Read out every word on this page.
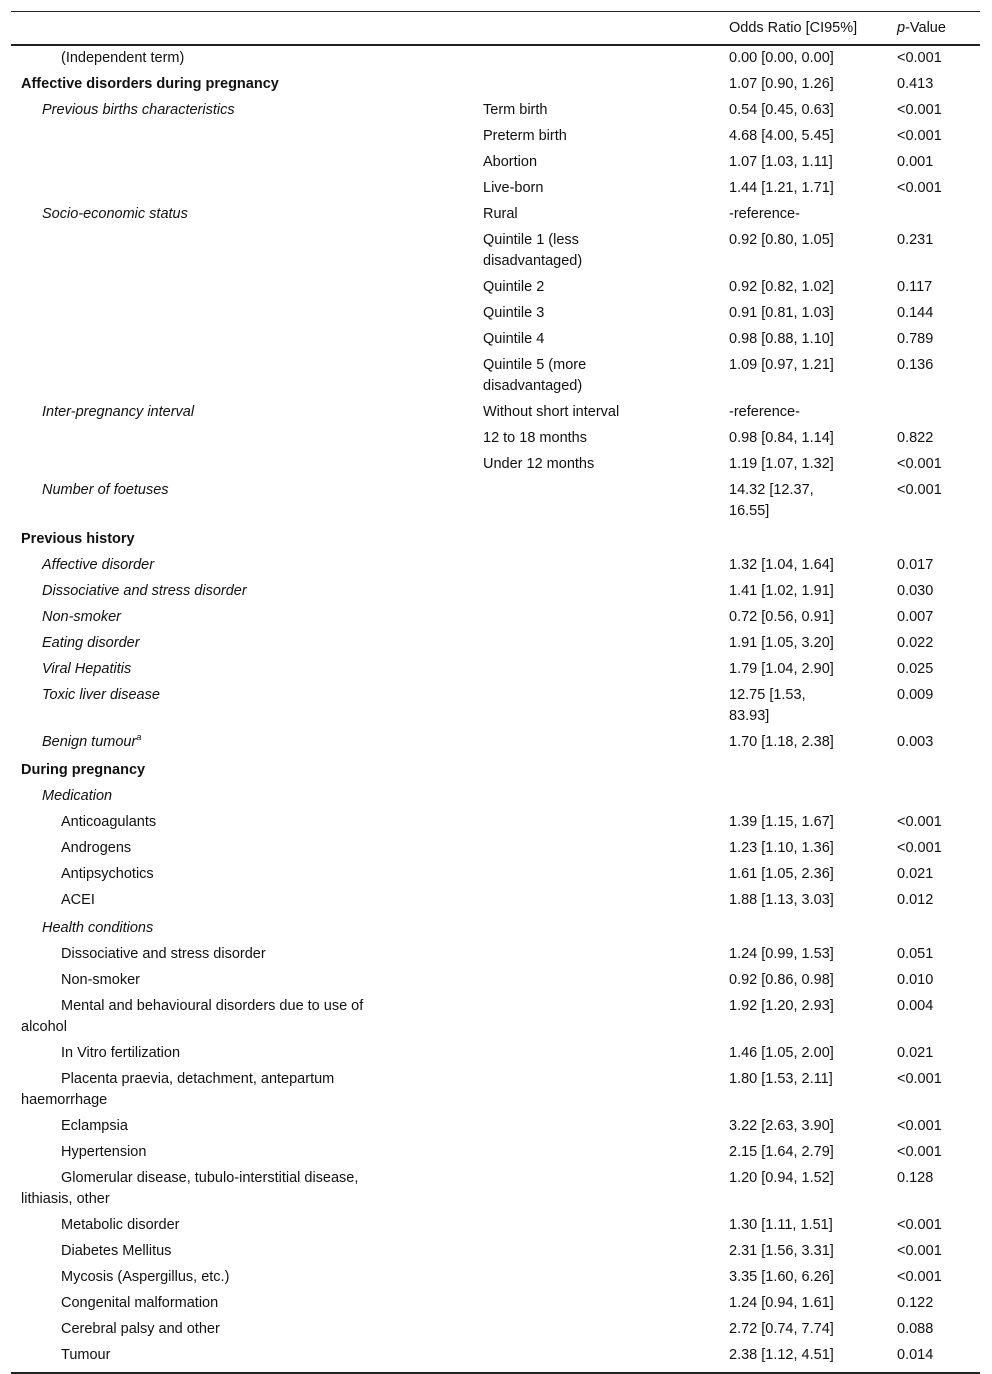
		Odds Ratio [CI95%]	p-Value
(Independent term)		0.00 [0.00, 0.00]	<0.001
Affective disorders during pregnancy		1.07 [0.90, 1.26]	0.413
Previous births characteristics	Term birth	0.54 [0.45, 0.63]	<0.001
	Preterm birth	4.68 [4.00, 5.45]	<0.001
	Abortion	1.07 [1.03, 1.11]	0.001
	Live-born	1.44 [1.21, 1.71]	<0.001
Socio-economic status	Rural	-reference-	
	Quintile 1 (less disadvantaged)	0.92 [0.80, 1.05]	0.231
	Quintile 2	0.92 [0.82, 1.02]	0.117
	Quintile 3	0.91 [0.81, 1.03]	0.144
	Quintile 4	0.98 [0.88, 1.10]	0.789
	Quintile 5 (more disadvantaged)	1.09 [0.97, 1.21]	0.136
Inter-pregnancy interval	Without short interval	-reference-	
	12 to 18 months	0.98 [0.84, 1.14]	0.822
	Under 12 months	1.19 [1.07, 1.32]	<0.001
Number of foetuses		14.32 [12.37, 16.55]	<0.001
Previous history			
Affective disorder		1.32 [1.04, 1.64]	0.017
Dissociative and stress disorder		1.41 [1.02, 1.91]	0.030
Non-smoker		0.72 [0.56, 0.91]	0.007
Eating disorder		1.91 [1.05, 3.20]	0.022
Viral Hepatitis		1.79 [1.04, 2.90]	0.025
Toxic liver disease		12.75 [1.53, 83.93]	0.009
Benign tumour$^a$		1.70 [1.18, 2.38]	0.003
During pregnancy			
Medication			
Anticoagulants		1.39 [1.15, 1.67]	<0.001
Androgens		1.23 [1.10, 1.36]	<0.001
Antipsychotics		1.61 [1.05, 2.36]	0.021
ACEI		1.88 [1.13, 3.03]	0.012
Health conditions			
Dissociative and stress disorder		1.24 [0.99, 1.53]	0.051
Non-smoker		0.92 [0.86, 0.98]	0.010
Mental and behavioural disorders due to use of
alcohol		1.92 [1.20, 2.93]	0.004
In Vitro fertilization		1.46 [1.05, 2.00]	0.021
Placenta praevia, detachment, antepartum
haemorrhage		1.80 [1.53, 2.11]	<0.001
Eclampsia		3.22 [2.63, 3.90]	<0.001
Hypertension		2.15 [1.64, 2.79]	<0.001
Glomerular disease, tubulo-interstitial disease,
lithiasis, other		1.20 [0.94, 1.52]	0.128
Metabolic disorder		1.30 [1.11, 1.51]	<0.001
Diabetes Mellitus		2.31 [1.56, 3.31]	<0.001
Mycosis (Aspergillus, etc.)		3.35 [1.60, 6.26]	<0.001
Congenital malformation		1.24 [0.94, 1.61]	0.122
Cerebral palsy and other		2.72 [0.74, 7.74]	0.088
Tumour		2.38 [1.12, 4.51]	0.014
